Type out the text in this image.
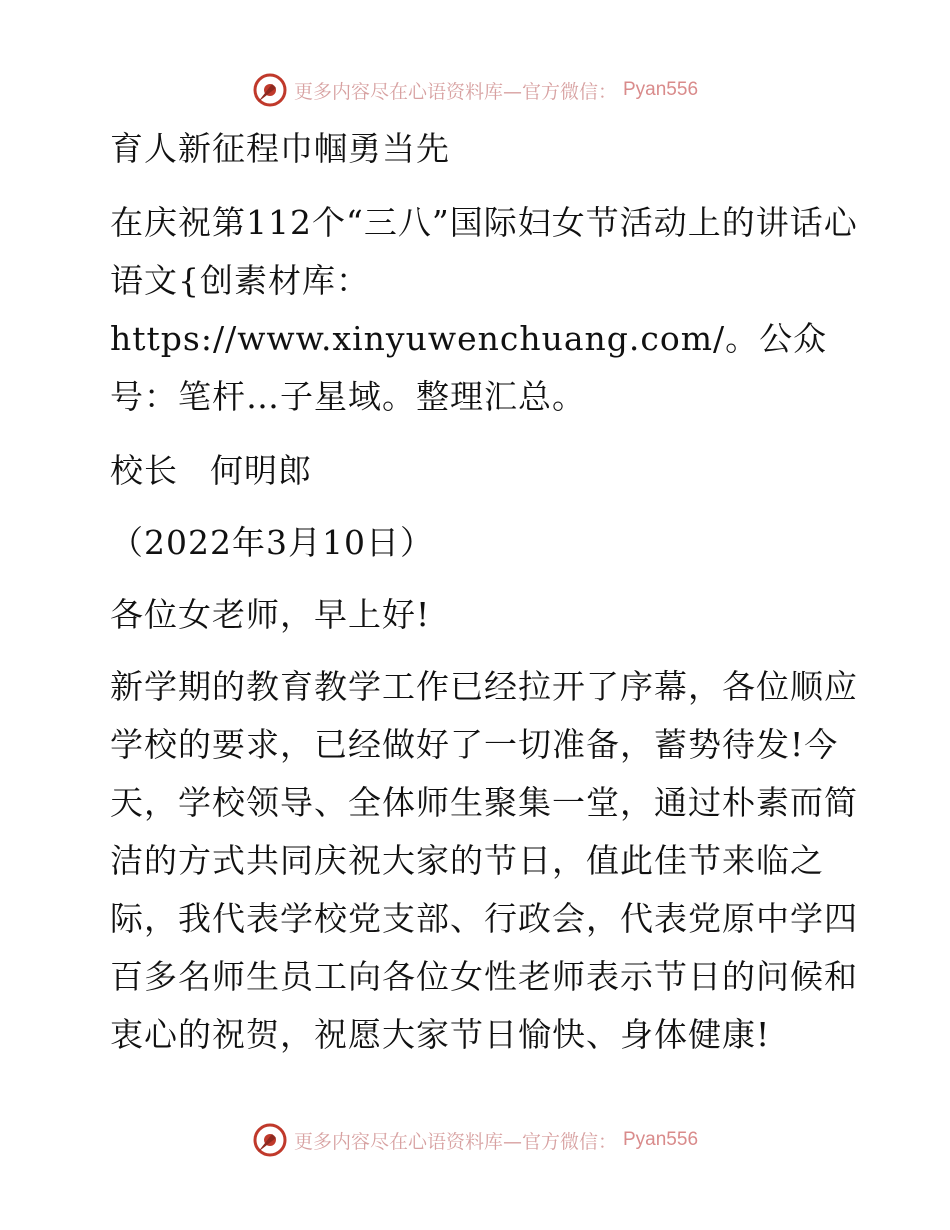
更多内容尽在心语资料库—官方微信： Pyan556

育人新征程巾帼勇当先

在庆祝第112个“三八”国际妇女节活动上的讲话心语文{创素材库：https://www.xinyuwenchuang.com/。公众号：笔杆…子星域。整理汇总。

校长 何明郎

（2022年3月10日）

各位女老师，早上好!

新学期的教育教学工作已经拉开了序幕，各位顺应学校的要求，已经做好了一切准备，蓄势待发!今天，学校领导、全体师生聚集一堂，通过朴素而简洁的方式共同庆祝大家的节日，值此佳节来临之际，我代表学校党支部、行政会，代表党原中学四百多名师生员工向各位女性老师表示节日的问候和衷心的祝贺，祝愿大家节日愉快、身体健康!

更多内容尽在心语资料库—官方微信： Pyan556
